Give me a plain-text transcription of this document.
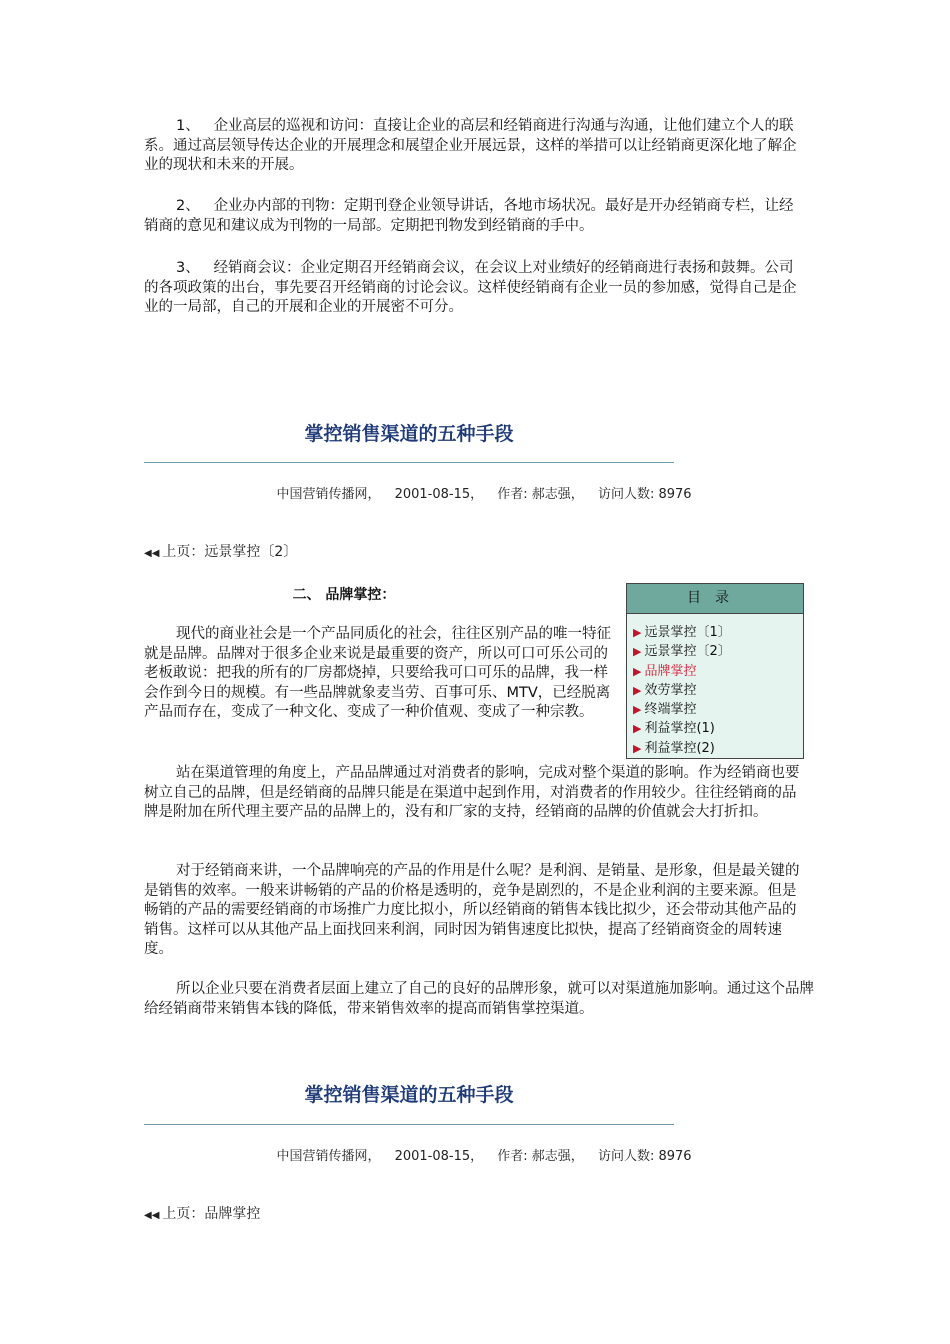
1、 企业高层的巡视和访问：直接让企业的高层和经销商进行沟通与沟通，让他们建立个人的联系。通过高层领导传达企业的开展理念和展望企业开展远景，这样的举措可以让经销商更深化地了解企业的现状和未来的开展。

2、 企业办内部的刊物：定期刊登企业领导讲话，各地市场状况。最好是开办经销商专栏，让经销商的意见和建议成为刊物的一局部。定期把刊物发到经销商的手中。

3、 经销商会议：企业定期召开经销商会议，在会议上对业绩好的经销商进行表扬和鼓舞。公司的各项政策的出台，事先要召开经销商的讨论会议。这样使经销商有企业一员的参加感，觉得自己是企业的一局部，自己的开展和企业的开展密不可分。

掌控销售渠道的五种手段
中国营销传播网， 2001-08-15， 作者: 郝志强， 访问人数: 8976
◀◀ 上页：远景掌控〔2〕
二、 品牌掌控：

现代的商业社会是一个产品同质化的社会，往往区别产品的唯一特征就是品牌。品牌对于很多企业来说是最重要的资产，所以可口可乐公司的老板敢说：把我的所有的厂房都烧掉，只要给我可口可乐的品牌，我一样会作到今日的规模。有一些品牌就象麦当劳、百事可乐、MTV，已经脱离产品而存在，变成了一种文化、变成了一种价值观、变成了一种宗教。

站在渠道管理的角度上，产品品牌通过对消费者的影响，完成对整个渠道的影响。作为经销商也要树立自己的品牌，但是经销商的品牌只能是在渠道中起到作用，对消费者的作用较少。往往经销商的品牌是附加在所代理主要产品的品牌上的，没有和厂家的支持，经销商的品牌的价值就会大打折扣。

对于经销商来讲，一个品牌响亮的产品的作用是什么呢？是利润、是销量、是形象，但是最关键的是销售的效率。一般来讲畅销的产品的价格是透明的，竞争是剧烈的，不是企业利润的主要来源。但是畅销的产品的需要经销商的市场推广力度比拟小，所以经销商的销售本钱比拟少，还会带动其他产品的销售。这样可以从其他产品上面找回来利润，同时因为销售速度比拟快，提高了经销商资金的周转速度。

所以企业只要在消费者层面上建立了自己的良好的品牌形象，就可以对渠道施加影响。通过这个品牌给经销商带来销售本钱的降低，带来销售效率的提高而销售掌控渠道。

目录
▶ 远景掌控〔1〕
▶ 远景掌控〔2〕
▶ 品牌掌控
▶ 效劳掌控
▶ 终端掌控
▶ 利益掌控(1)
▶ 利益掌控(2)
掌控销售渠道的五种手段
中国营销传播网， 2001-08-15， 作者: 郝志强， 访问人数: 8976
◀◀ 上页：品牌掌控
